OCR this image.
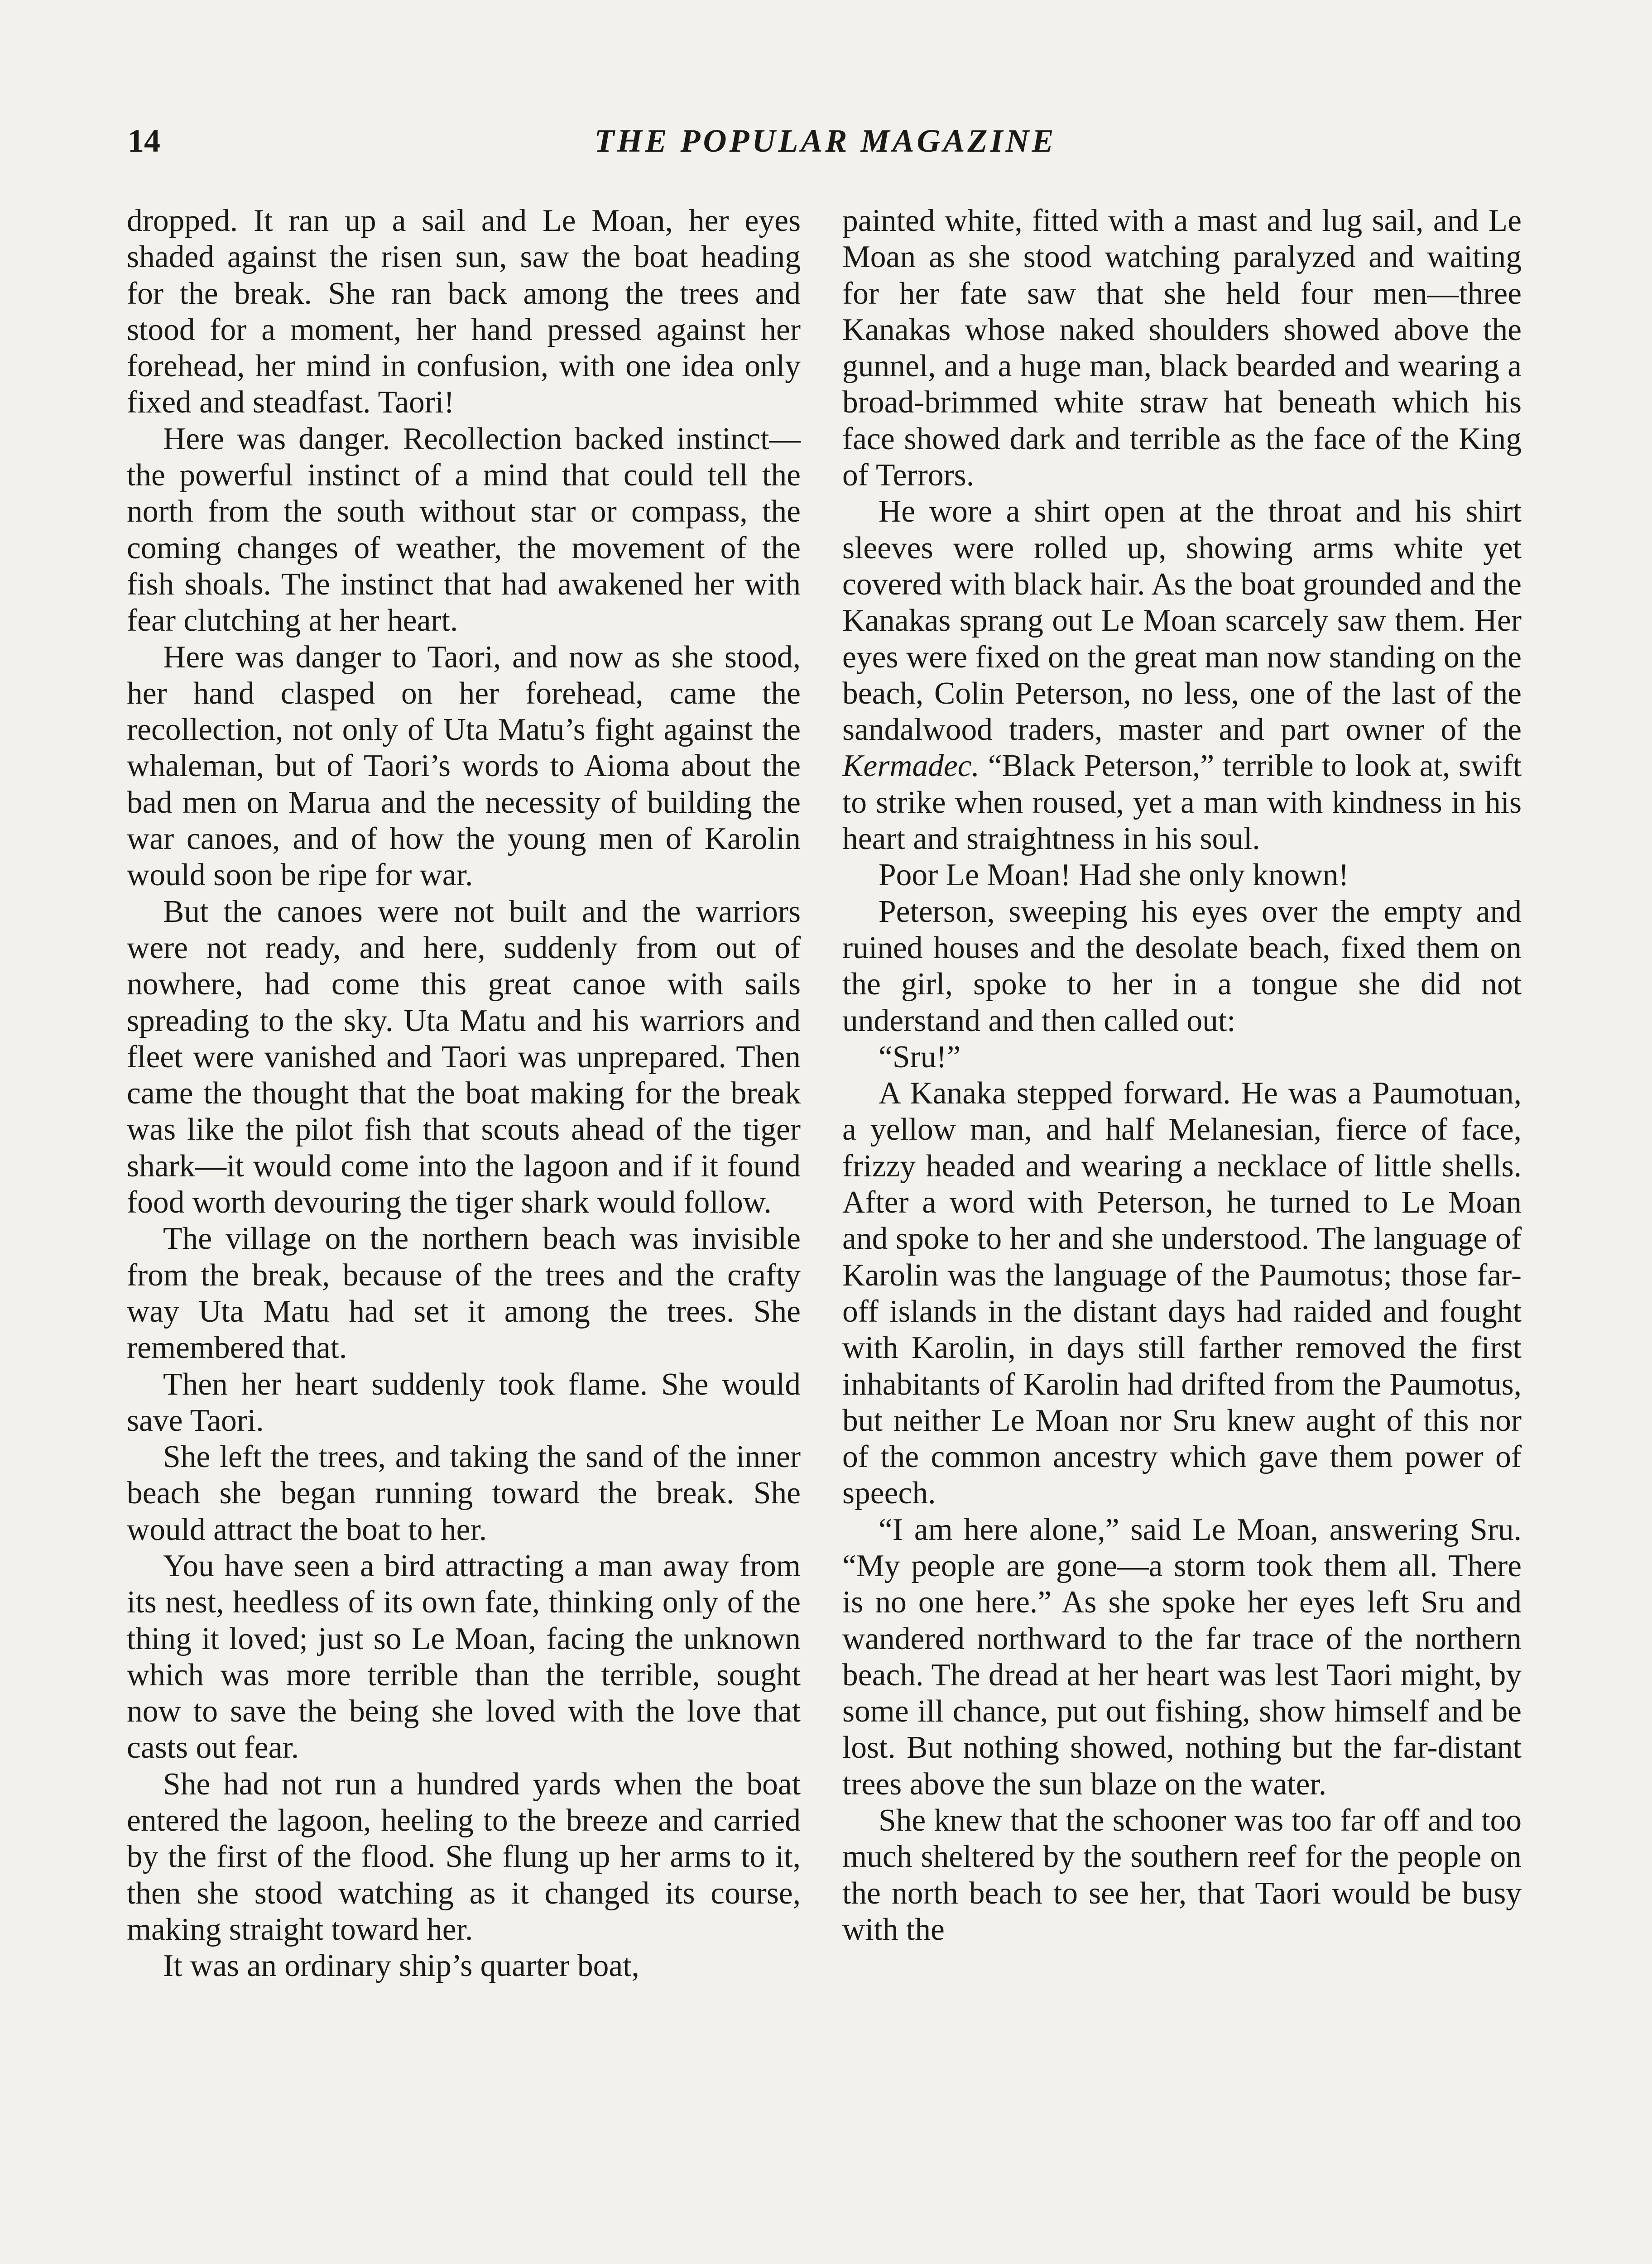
14	THE POPULAR MAGAZINE

dropped. It ran up a sail and Le Moan, her eyes shaded against the risen sun, saw the boat heading for the break. She ran back among the trees and stood for a moment, her hand pressed against her forehead, her mind in confusion, with one idea only fixed and steadfast. Taori!

Here was danger. Recollection backed instinct—the powerful instinct of a mind that could tell the north from the south without star or compass, the coming changes of weather, the movement of the fish shoals. The instinct that had awakened her with fear clutching at her heart.

Here was danger to Taori, and now as she stood, her hand clasped on her forehead, came the recollection, not only of Uta Matu’s fight against the whaleman, but of Taori’s words to Aioma about the bad men on Marua and the necessity of building the war canoes, and of how the young men of Karolin would soon be ripe for war.

But the canoes were not built and the warriors were not ready, and here, suddenly from out of nowhere, had come this great canoe with sails spreading to the sky. Uta Matu and his warriors and fleet were vanished and Taori was unprepared. Then came the thought that the boat making for the break was like the pilot fish that scouts ahead of the tiger shark—it would come into the lagoon and if it found food worth devouring the tiger shark would follow.

The village on the northern beach was invisible from the break, because of the trees and the crafty way Uta Matu had set it among the trees. She remembered that.

Then her heart suddenly took flame. She would save Taori.

She left the trees, and taking the sand of the inner beach she began running toward the break. She would attract the boat to her.

You have seen a bird attracting a man away from its nest, heedless of its own fate, thinking only of the thing it loved; just so Le Moan, facing the unknown which was more terrible than the terrible, sought now to save the being she loved with the love that casts out fear.

She had not run a hundred yards when the boat entered the lagoon, heeling to the breeze and carried by the first of the flood. She flung up her arms to it, then she stood watching as it changed its course, making straight toward her.

It was an ordinary ship’s quarter boat,

painted white, fitted with a mast and lug sail, and Le Moan as she stood watching paralyzed and waiting for her fate saw that she held four men—three Kanakas whose naked shoulders showed above the gunnel, and a huge man, black bearded and wearing a broad-brimmed white straw hat beneath which his face showed dark and terrible as the face of the King of Terrors.

He wore a shirt open at the throat and his shirt sleeves were rolled up, showing arms white yet covered with black hair. As the boat grounded and the Kanakas sprang out Le Moan scarcely saw them. Her eyes were fixed on the great man now standing on the beach, Colin Peterson, no less, one of the last of the sandalwood traders, master and part owner of the Kermadec. “Black Peterson,” terrible to look at, swift to strike when roused, yet a man with kindness in his heart and straightness in his soul.

Poor Le Moan! Had she only known!

Peterson, sweeping his eyes over the empty and ruined houses and the desolate beach, fixed them on the girl, spoke to her in a tongue she did not understand and then called out:

“Sru!”

A Kanaka stepped forward. He was a Paumotuan, a yellow man, and half Melanesian, fierce of face, frizzy headed and wearing a necklace of little shells. After a word with Peterson, he turned to Le Moan and spoke to her and she understood. The language of Karolin was the language of the Paumotus; those far-off islands in the distant days had raided and fought with Karolin, in days still farther removed the first inhabitants of Karolin had drifted from the Paumotus, but neither Le Moan nor Sru knew aught of this nor of the common ancestry which gave them power of speech.

“I am here alone,” said Le Moan, answering Sru. “My people are gone—a storm took them all. There is no one here.” As she spoke her eyes left Sru and wandered northward to the far trace of the northern beach. The dread at her heart was lest Taori might, by some ill chance, put out fishing, show himself and be lost. But nothing showed, nothing but the far-distant trees above the sun blaze on the water.

She knew that the schooner was too far off and too much sheltered by the southern reef for the people on the north beach to see her, that Taori would be busy with the
